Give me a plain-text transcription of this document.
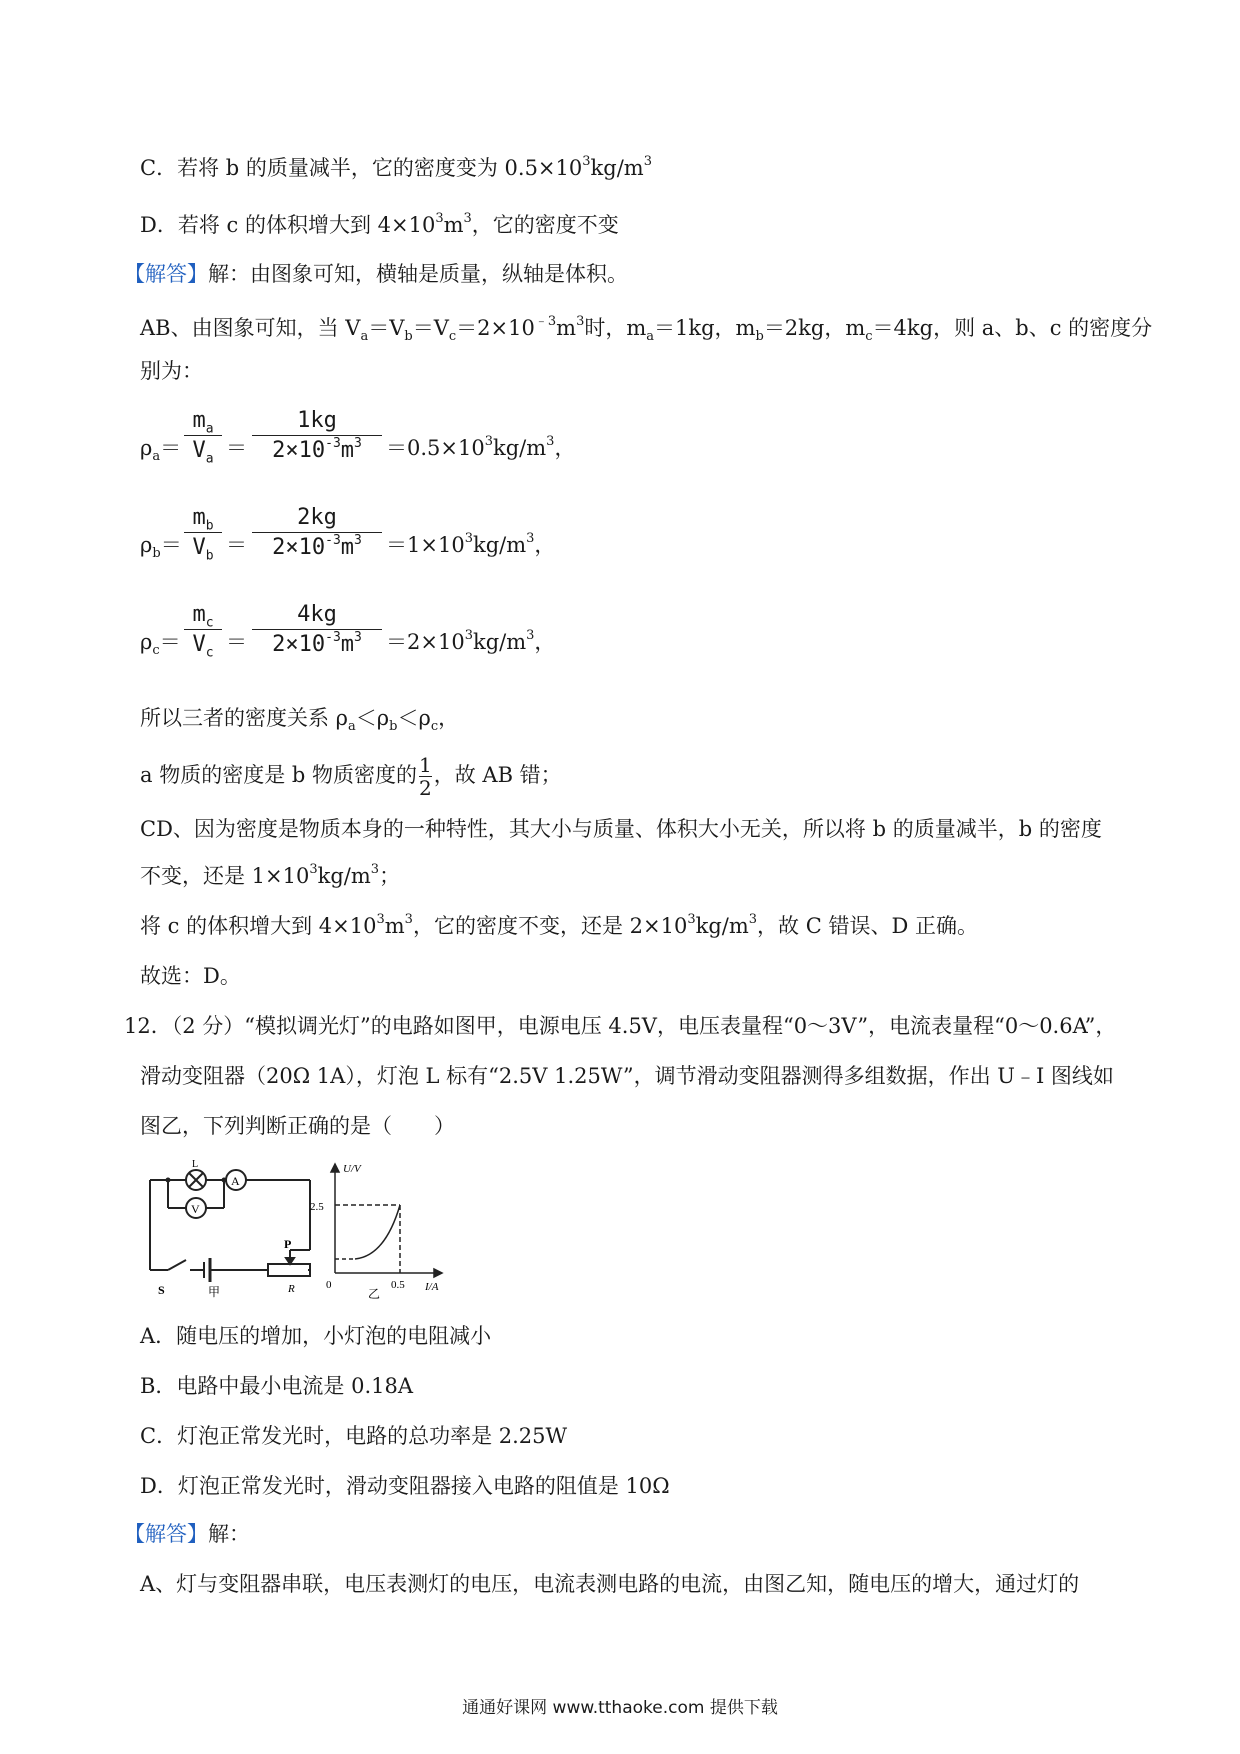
C．若将 b 的质量减半，它的密度变为 $0.5\times 10^3kg/m^3$
D．若将 c 的体积增大到 $4\times 10^3m^3$，它的密度不变
【解答】解：由图象可知，横轴是质量，纵轴是体积。
AB、由图象可知，当 $V_a=V_b=V_c=2\times 10^{﹣3}m^3$时，$m_a=1kg$，$m_b=2kg$，$m_c=4kg$，则 a、b、c 的密度分
别为：
$\rho_a=$
$m_a$
$V_a$ ＝
1kg
$2\times 10^{-3}m^3$	$=0.5\times 10^3kg/m^3$，
$\rho_b=$
$m_b$
$V_b$ ＝
2kg
$2\times 10^{-3}m^3$	$=1\times 10^3kg/m^3$，
$\rho_c=$
$m_c$
$V_c$ ＝
4kg
$2\times 10^{-3}m^3$	$=2\times 10^3kg/m^3$，
所以三者的密度关系 $\rho_a<\rho_b<\rho_c$，
a 物质的密度是 b 物质密度的 $\frac{1}{2}$ ，故 AB 错；
CD、因为密度是物质本身的一种特性，其大小与质量、体积大小无关，所以将 b 的质量减半，b 的密度
不变，还是 $1\times 10^3kg/m^3$；
将 c 的体积增大到 $4\times 10^3m^3$，它的密度不变，还是 $2\times 10^3kg/m^3$，故 C 错误、D 正确。
故选：D。
12．（2 分）“模拟调光灯”的电路如图甲，电源电压 4.5V，电压表量程“0～3V”，电流表量程“0～0.6A”，
滑动变阻器（20Ω 1A），灯泡 L 标有“2.5V 1.25W”，调节滑动变阻器测得多组数据，作出 U﹣I 图线如
图乙，下列判断正确的是（　　）
L
A
V
P
S	甲	R
U/V
2.5
0	0.5 I/A
乙
A．随电压的增加，小灯泡的电阻减小
B．电路中最小电流是 0.18A
C．灯泡正常发光时，电路的总功率是 2.25W
D．灯泡正常发光时，滑动变阻器接入电路的阻值是 10Ω
【解答】解：
A、灯与变阻器串联，电压表测灯的电压，电流表测电路的电流，由图乙知，随电压的增大，通过灯的
通通好课网 www.tthaoke.com 提供下载
